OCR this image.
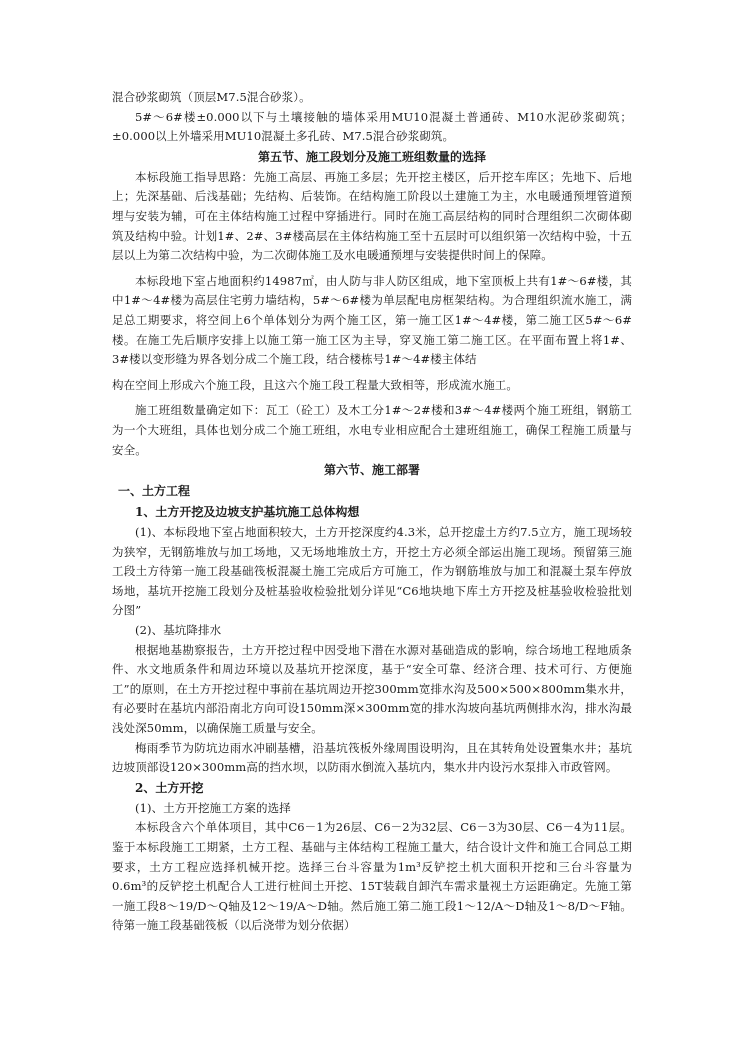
混合砂浆砌筑（顶层M7.5混合砂浆）。

5#～6#楼±0.000以下与土壤接触的墙体采用MU10混凝土普通砖、M10水泥砂浆砌筑；±0.000以上外墙采用MU10混凝土多孔砖、M7.5混合砂浆砌筑。

第五节、施工段划分及施工班组数量的选择

本标段施工指导思路：先施工高层、再施工多层；先开挖主楼区，后开挖车库区；先地下、后地上；先深基础、后浅基础；先结构、后装饰。在结构施工阶段以土建施工为主，水电暖通预埋管道预埋与安装为辅，可在主体结构施工过程中穿插进行。同时在施工高层结构的同时合理组织二次砌体砌筑及结构中验。计划1#、2#、3#楼高层在主体结构施工至十五层时可以组织第一次结构中验，十五层以上为第二次结构中验，为二次砌体施工及水电暖通预埋与安装提供时间上的保障。

本标段地下室占地面积约14987㎡，由人防与非人防区组成，地下室顶板上共有1#～6#楼，其中1#～4#楼为高层住宅剪力墙结构，5#～6#楼为单层配电房框架结构。为合理组织流水施工，满足总工期要求，将空间上6个单体划分为两个施工区，第一施工区1#～4#楼，第二施工区5#～6#楼。在施工先后顺序安排上以施工第一施工区为主导，穿叉施工第二施工区。在平面布置上将1#、3#楼以变形缝为界各划分成二个施工段，结合楼栋号1#～4#楼主体结

构在空间上形成六个施工段，且这六个施工段工程量大致相等，形成流水施工。

施工班组数量确定如下：瓦工（砼工）及木工分1#～2#楼和3#～4#楼两个施工班组，钢筋工为一个大班组，具体也划分成二个施工班组，水电专业相应配合土建班组施工，确保工程施工质量与安全。

第六节、施工部署
一、土方工程
1、土方开挖及边坡支护基坑施工总体构想

(1)、本标段地下室占地面积较大，土方开挖深度约4.3米，总开挖虚土方约7.5立方，施工现场较为狭窄，无钢筋堆放与加工场地，又无场地堆放土方，开挖土方必须全部运出施工现场。预留第三施工段土方待第一施工段基础筏板混凝土施工完成后方可施工，作为钢筋堆放与加工和混凝土泵车停放场地，基坑开挖施工段划分及桩基验收检验批划分详见“C6地块地下库土方开挖及桩基验收检验批划分图”

(2)、基坑降排水

根据地基勘察报告，土方开挖过程中因受地下潜在水源对基础造成的影响，综合场地工程地质条件、水文地质条件和周边环境以及基坑开挖深度，基于“安全可靠、经济合理、技术可行、方便施工”的原则，在土方开挖过程中事前在基坑周边开挖300mm宽排水沟及500×500×800mm集水井，有必要时在基坑内部沿南北方向可设150mm深×300mm宽的排水沟坡向基坑两侧排水沟，排水沟最浅处深50mm，以确保施工质量与安全。

梅雨季节为防坑边雨水冲刷基槽，沿基坑筏板外缘周围设明沟，且在其转角处设置集水井；基坑边坡顶部设120×300mm高的挡水坝，以防雨水倒流入基坑内，集水井内设污水泵排入市政管网。

2、土方开挖

(1)、土方开挖施工方案的选择

本标段含六个单体项目，其中C6－1为26层、C6－2为32层、C6－3为30层、C6－4为11层。鉴于本标段施工工期紧，土方工程、基础与主体结构工程施工量大，结合设计文件和施工合同总工期要求，土方工程应选择机械开挖。选择三台斗容量为1m³反铲挖土机大面积开挖和三台斗容量为0.6m³的反铲挖土机配合人工进行桩间土开挖、15T装载自卸汽车需求量视土方运距确定。先施工第一施工段8～19/D～Q轴及12～19/A～D轴。然后施工第二施工段1～12/A～D轴及1～8/D～F轴。待第一施工段基础筏板（以后浇带为划分依据）
